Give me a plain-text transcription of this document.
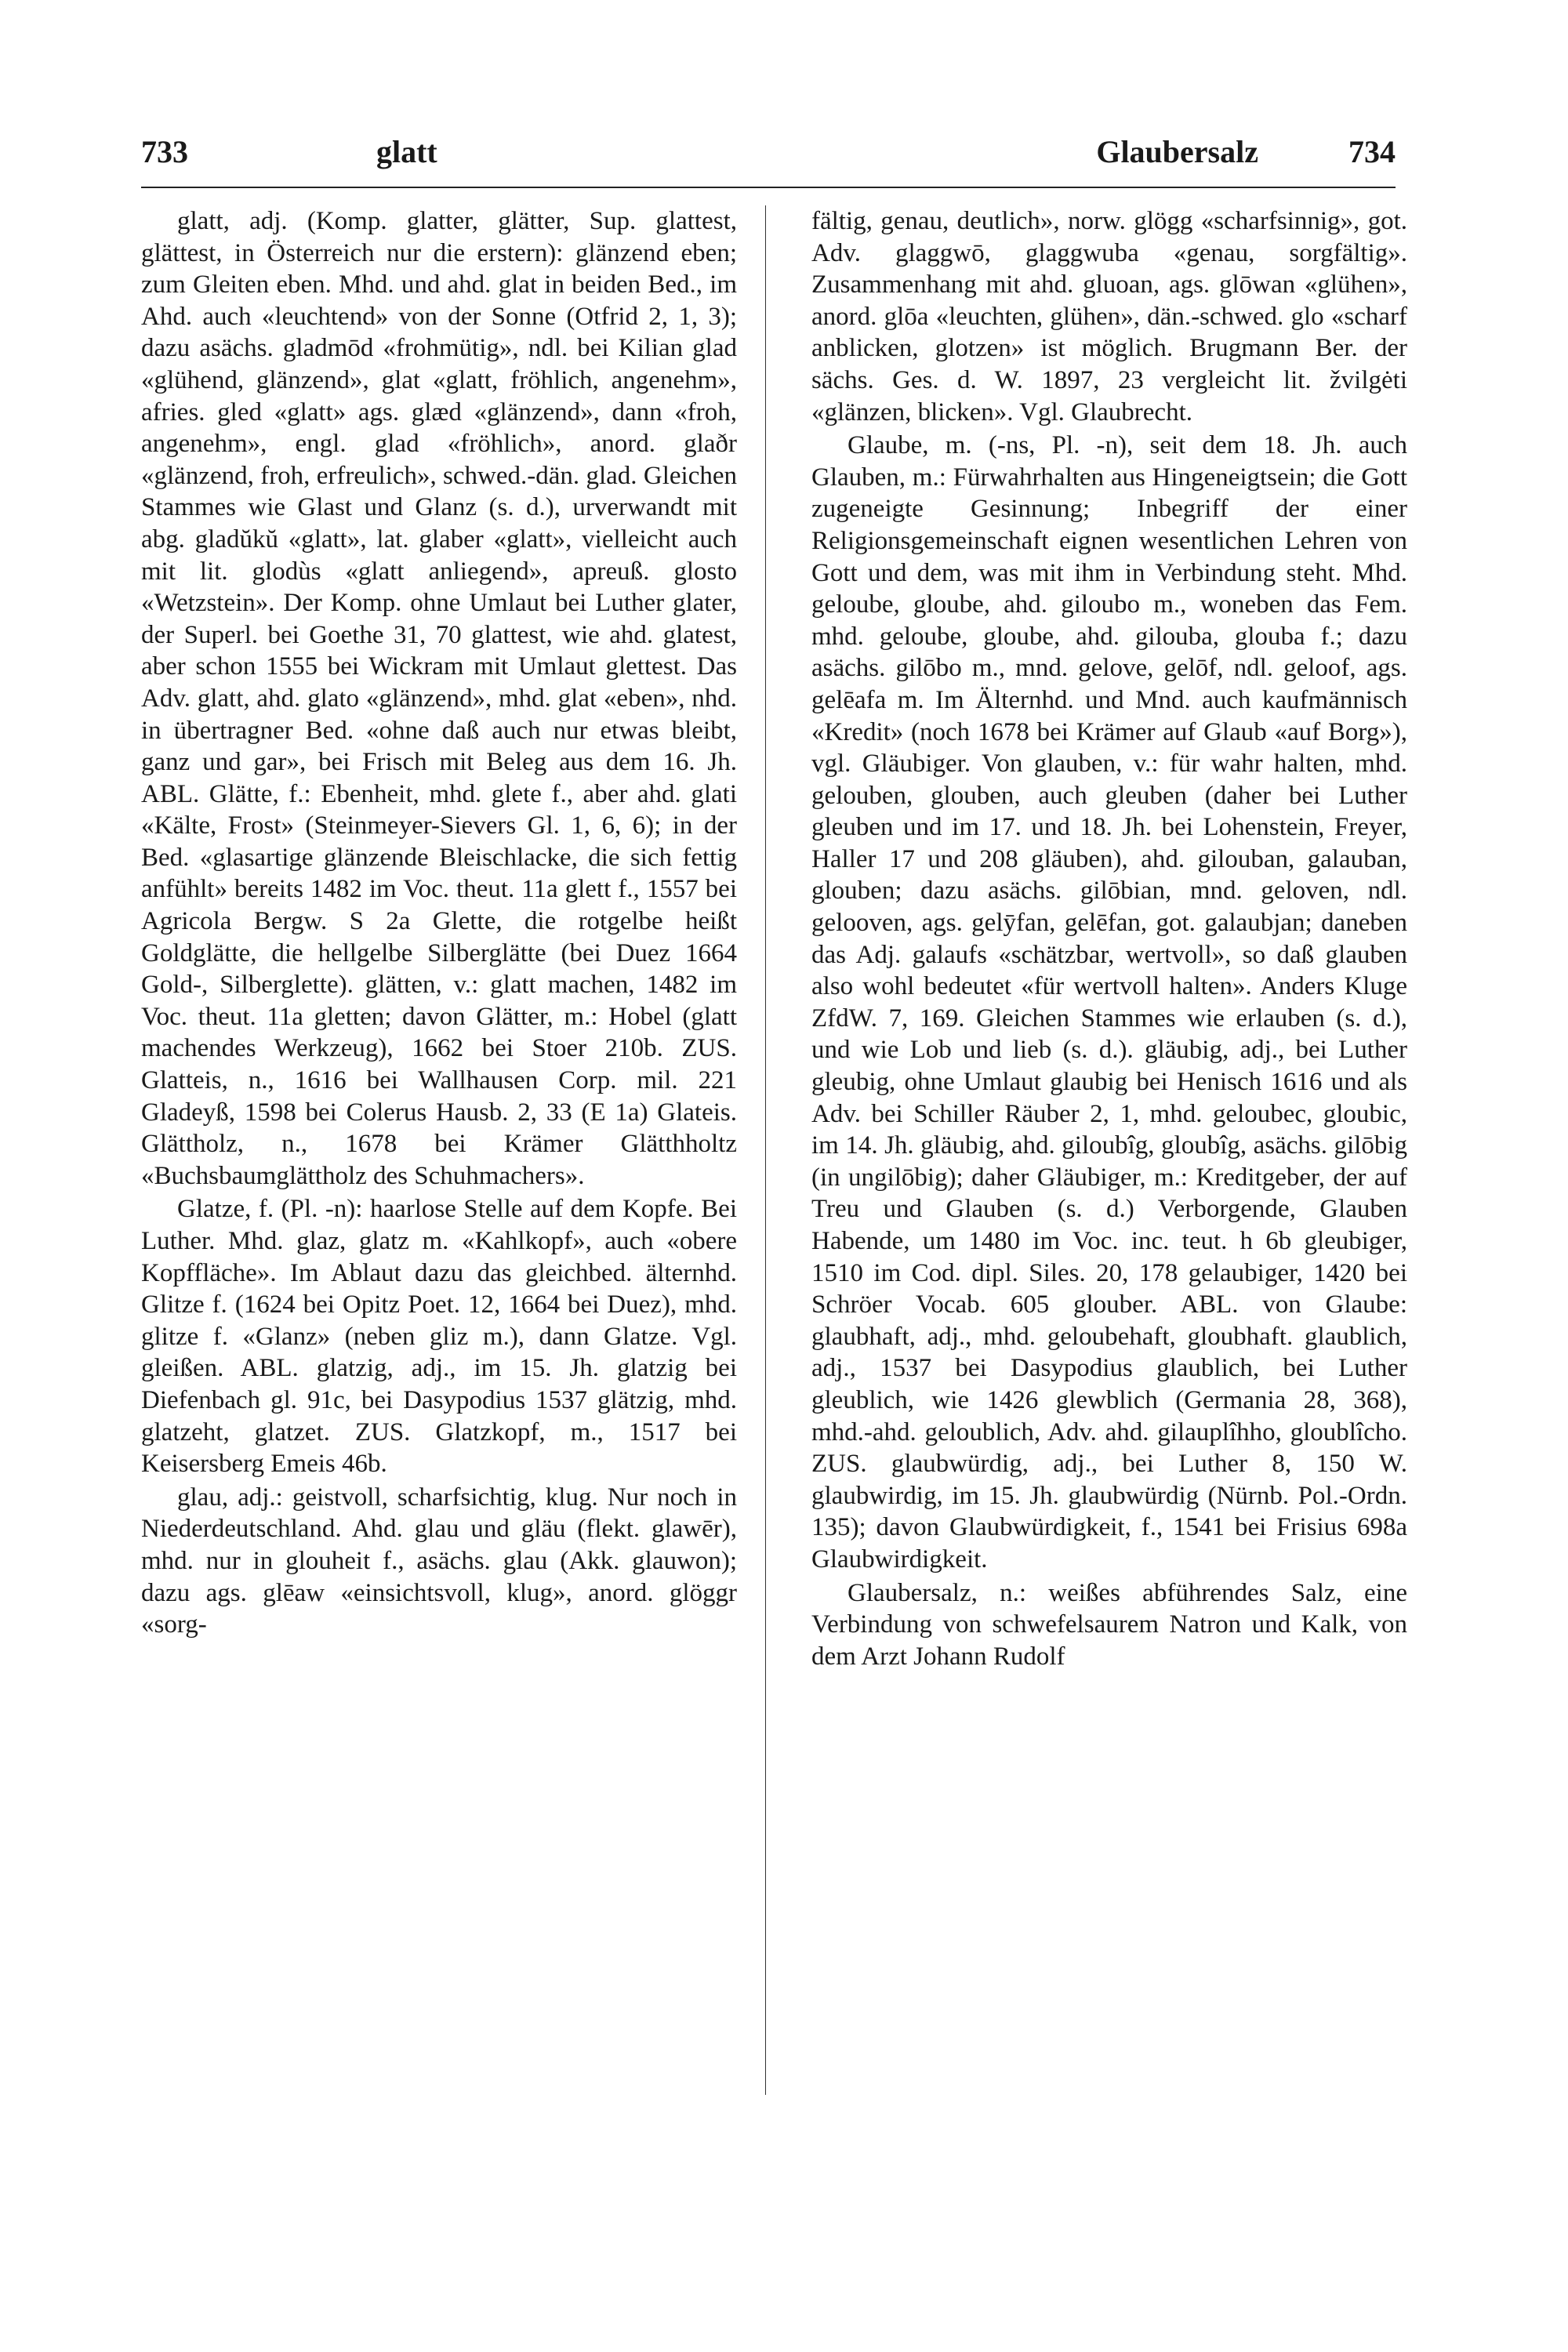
733	glatt	Glaubersalz	734

glatt, adj. (Komp. glatter, glätter, Sup. glattest, glättest, in Österreich nur die erstern): glänzend eben; zum Gleiten eben. Mhd. und ahd. glat in beiden Bed., im Ahd. auch «leuchtend» von der Sonne (Otfrid 2, 1, 3); dazu asächs. gladmōd «frohmütig», ndl. bei Kilian glad «glühend, glänzend», glat «glatt, fröhlich, angenehm», afries. gled «glatt» ags. glæd «glänzend», dann «froh, angenehm», engl. glad «fröhlich», anord. glaðr «glänzend, froh, erfreulich», schwed.-dän. glad. Gleichen Stammes wie Glast und Glanz (s. d.), urverwandt mit abg. gladŭkŭ «glatt», lat. glaber «glatt», vielleicht auch mit lit. glodùs «glatt anliegend», apreuß. glosto «Wetzstein». Der Komp. ohne Umlaut bei Luther glater, der Superl. bei Goethe 31, 70 glattest, wie ahd. glatest, aber schon 1555 bei Wickram mit Umlaut glettest. Das Adv. glatt, ahd. glato «glänzend», mhd. glat «eben», nhd. in übertragner Bed. «ohne daß auch nur etwas bleibt, ganz und gar», bei Frisch mit Beleg aus dem 16. Jh. ABL. Glätte, f.: Ebenheit, mhd. glete f., aber ahd. glati «Kälte, Frost» (Steinmeyer-Sievers Gl. 1, 6, 6); in der Bed. «glasartige glänzende Bleischlacke, die sich fettig anfühlt» bereits 1482 im Voc. theut. 11a glett f., 1557 bei Agricola Bergw. S 2a Glette, die rotgelbe heißt Goldglätte, die hellgelbe Silberglätte (bei Duez 1664 Gold-, Silberglette). glätten, v.: glatt machen, 1482 im Voc. theut. 11a gletten; davon Glätter, m.: Hobel (glatt machendes Werkzeug), 1662 bei Stoer 210b. ZUS. Glatteis, n., 1616 bei Wallhausen Corp. mil. 221 Gladeyß, 1598 bei Colerus Hausb. 2, 33 (E 1a) Glateis. Glättholz, n., 1678 bei Krämer Glätthholtz «Buchsbaumglättholz des Schuhmachers».

Glatze, f. (Pl. -n): haarlose Stelle auf dem Kopfe. Bei Luther. Mhd. glaz, glatz m. «Kahlkopf», auch «obere Kopffläche». Im Ablaut dazu das gleichbed. älternhd. Glitze f. (1624 bei Opitz Poet. 12, 1664 bei Duez), mhd. glitze f. «Glanz» (neben gliz m.), dann Glatze. Vgl. gleißen. ABL. glatzig, adj., im 15. Jh. glatzig bei Diefenbach gl. 91c, bei Dasypodius 1537 glätzig, mhd. glatzeht, glatzet. ZUS. Glatzkopf, m., 1517 bei Keisersberg Emeis 46b.

glau, adj.: geistvoll, scharfsichtig, klug. Nur noch in Niederdeutschland. Ahd. glau und gläu (flekt. glawēr), mhd. nur in glouheit f., asächs. glau (Akk. glauwon); dazu ags. glēaw «einsichtsvoll, klug», anord. glöggr «sorg-

fältig, genau, deutlich», norw. glögg «scharfsinnig», got. Adv. glaggwō, glaggwuba «genau, sorgfältig». Zusammenhang mit ahd. gluoan, ags. glōwan «glühen», anord. glōa «leuchten, glühen», dän.-schwed. glo «scharf anblicken, glotzen» ist möglich. Brugmann Ber. der sächs. Ges. d. W. 1897, 23 vergleicht lit. žvilgėti «glänzen, blicken». Vgl. Glaubrecht.

Glaube, m. (-ns, Pl. -n), seit dem 18. Jh. auch Glauben, m.: Fürwahrhalten aus Hingeneigtsein; die Gott zugeneigte Gesinnung; Inbegriff der einer Religionsgemeinschaft eignen wesentlichen Lehren von Gott und dem, was mit ihm in Verbindung steht. Mhd. geloube, gloube, ahd. giloubo m., woneben das Fem. mhd. geloube, gloube, ahd. gilouba, glouba f.; dazu asächs. gilōbo m., mnd. gelove, gelōf, ndl. geloof, ags. gelēafa m. Im Älternhd. und Mnd. auch kaufmännisch «Kredit» (noch 1678 bei Krämer auf Glaub «auf Borg»), vgl. Gläubiger. Von glauben, v.: für wahr halten, mhd. gelouben, glouben, auch gleuben (daher bei Luther gleuben und im 17. und 18. Jh. bei Lohenstein, Freyer, Haller 17 und 208 gläuben), ahd. gilouban, galauban, glouben; dazu asächs. gilōbian, mnd. geloven, ndl. gelooven, ags. gelȳfan, gelēfan, got. galaubjan; daneben das Adj. galaufs «schätzbar, wertvoll», so daß glauben also wohl bedeutet «für wertvoll halten». Anders Kluge ZfdW. 7, 169. Gleichen Stammes wie erlauben (s. d.), und wie Lob und lieb (s. d.). gläubig, adj., bei Luther gleubig, ohne Umlaut glaubig bei Henisch 1616 und als Adv. bei Schiller Räuber 2, 1, mhd. geloubec, gloubic, im 14. Jh. gläubig, ahd. giloubîg, gloubîg, asächs. gilōbig (in ungilōbig); daher Gläubiger, m.: Kreditgeber, der auf Treu und Glauben (s. d.) Verborgende, Glauben Habende, um 1480 im Voc. inc. teut. h 6b gleubiger, 1510 im Cod. dipl. Siles. 20, 178 gelaubiger, 1420 bei Schröer Vocab. 605 glouber. ABL. von Glaube: glaubhaft, adj., mhd. geloubehaft, gloubhaft. glaublich, adj., 1537 bei Dasypodius glaublich, bei Luther gleublich, wie 1426 glewblich (Germania 28, 368), mhd.-ahd. geloublich, Adv. ahd. gilauplîhho, gloublîcho. ZUS. glaubwürdig, adj., bei Luther 8, 150 W. glaubwirdig, im 15. Jh. glaubwürdig (Nürnb. Pol.-Ordn. 135); davon Glaubwürdigkeit, f., 1541 bei Frisius 698a Glaubwirdigkeit.

Glaubersalz, n.: weißes abführendes Salz, eine Verbindung von schwefelsaurem Natron und Kalk, von dem Arzt Johann Rudolf
